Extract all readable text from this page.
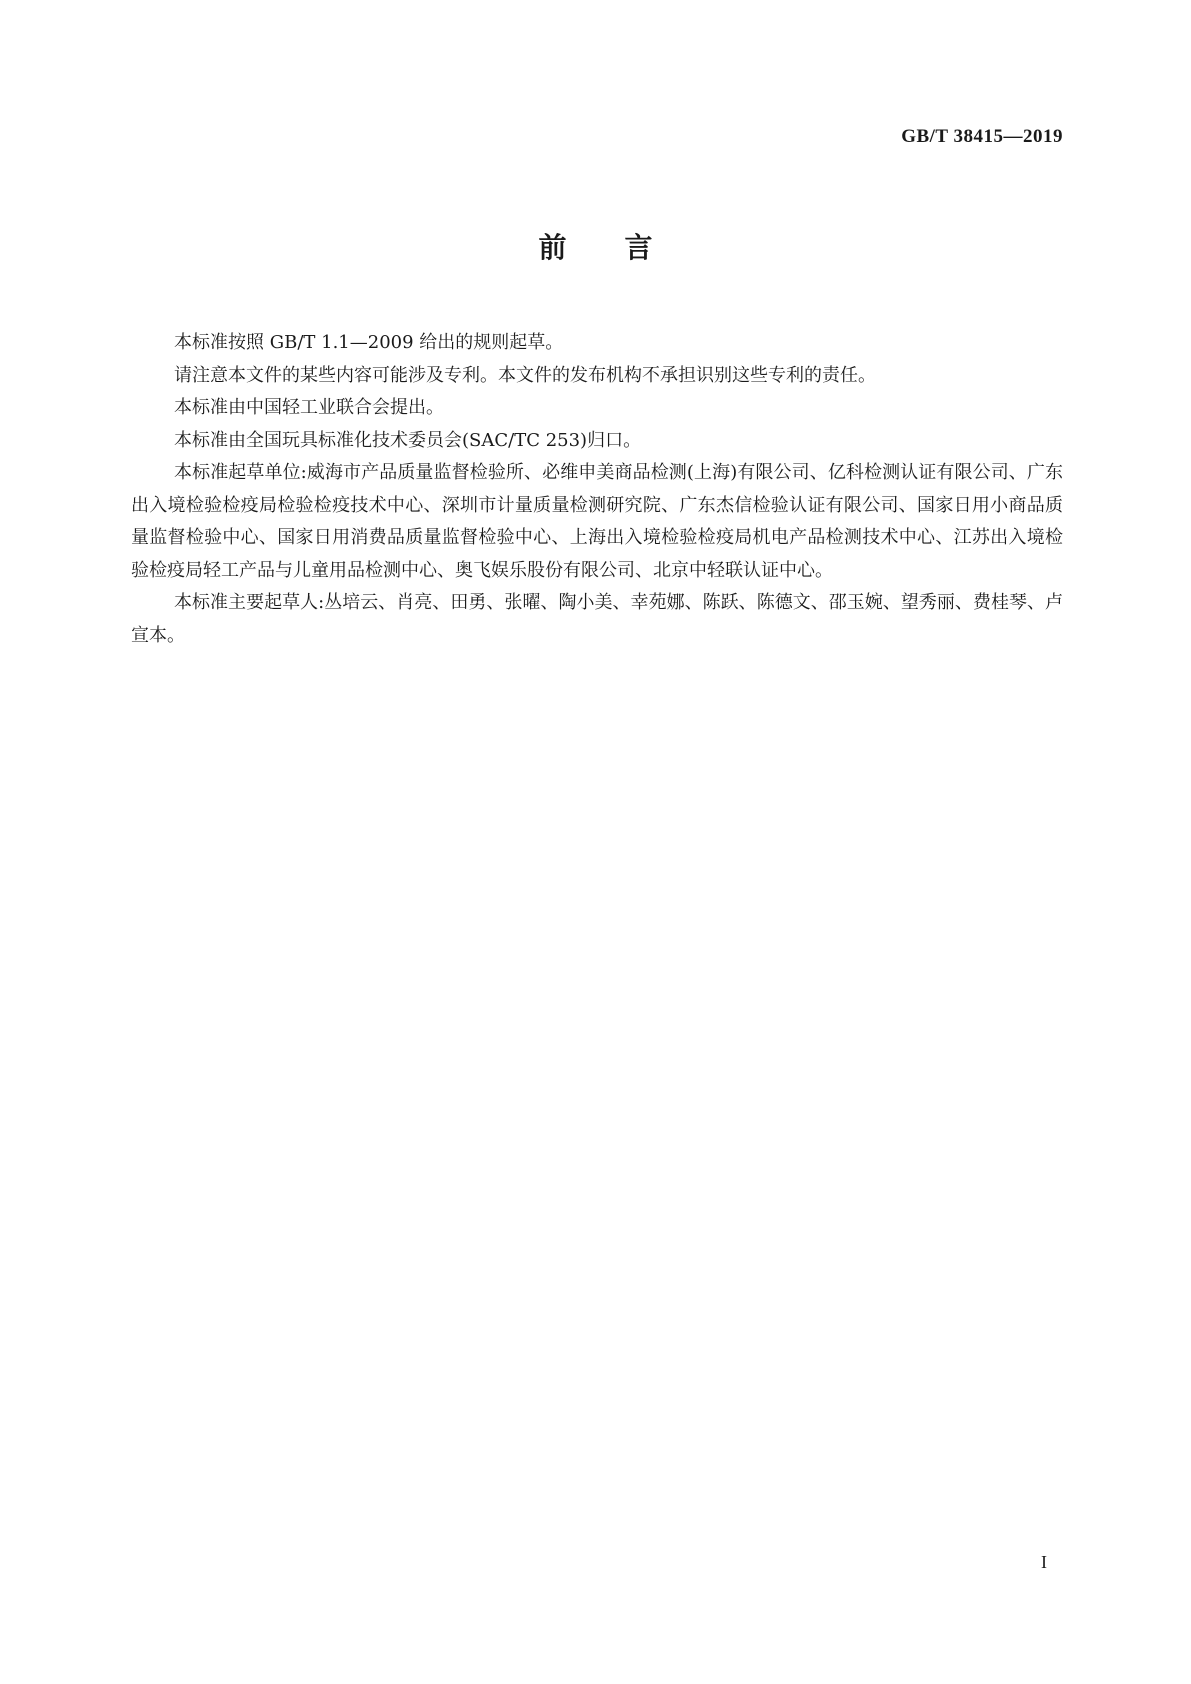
GB/T 38415—2019
前言

本标准按照 GB/T 1.1—2009 给出的规则起草。

请注意本文件的某些内容可能涉及专利。本文件的发布机构不承担识别这些专利的责任。

本标准由中国轻工业联合会提出。

本标准由全国玩具标准化技术委员会(SAC/TC 253)归口。

本标准起草单位:威海市产品质量监督检验所、必维申美商品检测(上海)有限公司、亿科检测认证有限公司、广东出入境检验检疫局检验检疫技术中心、深圳市计量质量检测研究院、广东杰信检验认证有限公司、国家日用小商品质量监督检验中心、国家日用消费品质量监督检验中心、上海出入境检验检疫局机电产品检测技术中心、江苏出入境检验检疫局轻工产品与儿童用品检测中心、奥飞娱乐股份有限公司、北京中轻联认证中心。

本标准主要起草人:丛培云、肖亮、田勇、张曜、陶小美、幸苑娜、陈跃、陈德文、邵玉婉、望秀丽、费桂琴、卢宣本。

I
